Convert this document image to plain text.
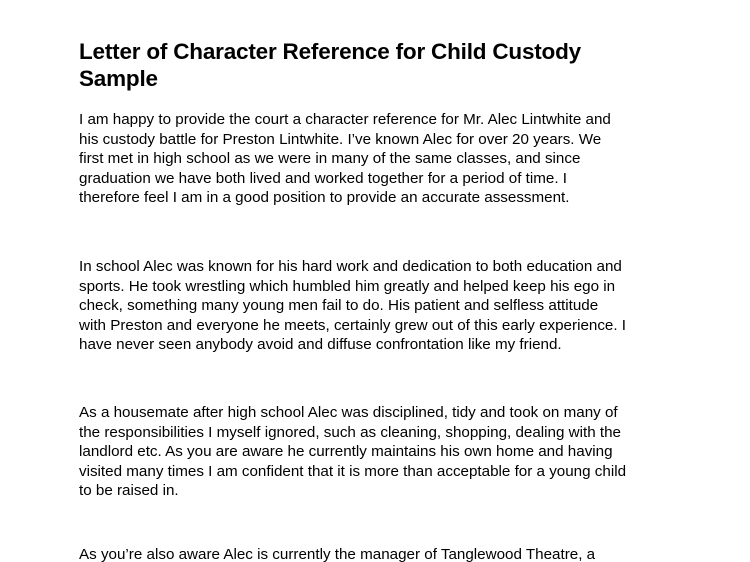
Letter of Character Reference for Child Custody
Sample

I am happy to provide the court a character reference for Mr. Alec Lintwhite and
his custody battle for Preston Lintwhite. I’ve known Alec for over 20 years. We
first met in high school as we were in many of the same classes, and since
graduation we have both lived and worked together for a period of time. I
therefore feel I am in a good position to provide an accurate assessment.

In school Alec was known for his hard work and dedication to both education and
sports. He took wrestling which humbled him greatly and helped keep his ego in
check, something many young men fail to do. His patient and selfless attitude
with Preston and everyone he meets, certainly grew out of this early experience. I
have never seen anybody avoid and diffuse confrontation like my friend.

As a housemate after high school Alec was disciplined, tidy and took on many of
the responsibilities I myself ignored, such as cleaning, shopping, dealing with the
landlord etc. As you are aware he currently maintains his own home and having
visited many times I am confident that it is more than acceptable for a young child
to be raised in.

As you’re also aware Alec is currently the manager of Tanglewood Theatre, a
